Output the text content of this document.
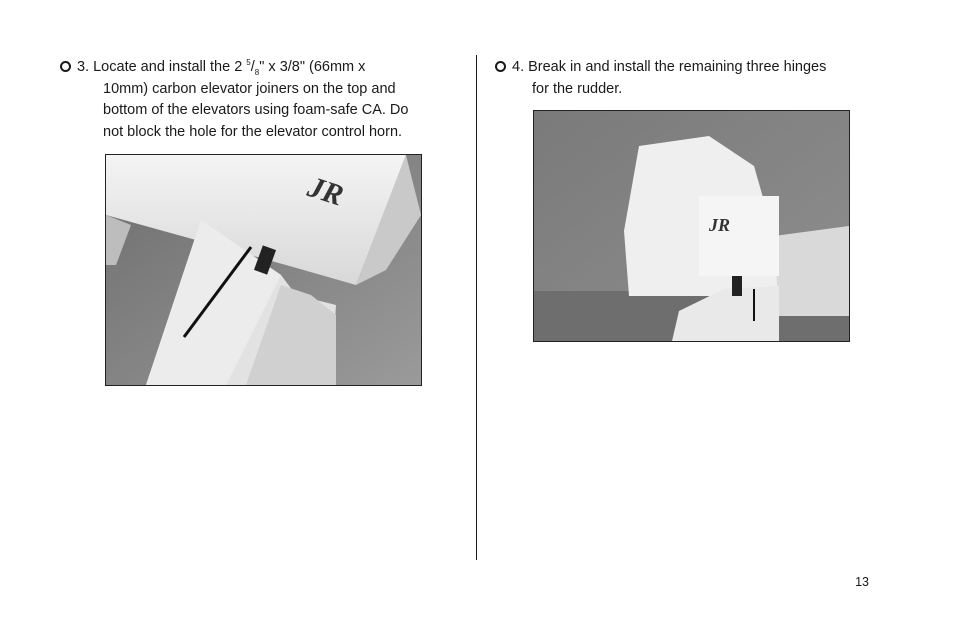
3. Locate and install the 2 $^5/_8$" x 3/8" (66mm x
10mm) carbon elevator joiners on the top and
bottom of the elevators using foam-safe CA. Do
not block the hole for the elevator control horn.
JR
4. Break in and install the remaining three hinges
for the rudder.
JR
13
